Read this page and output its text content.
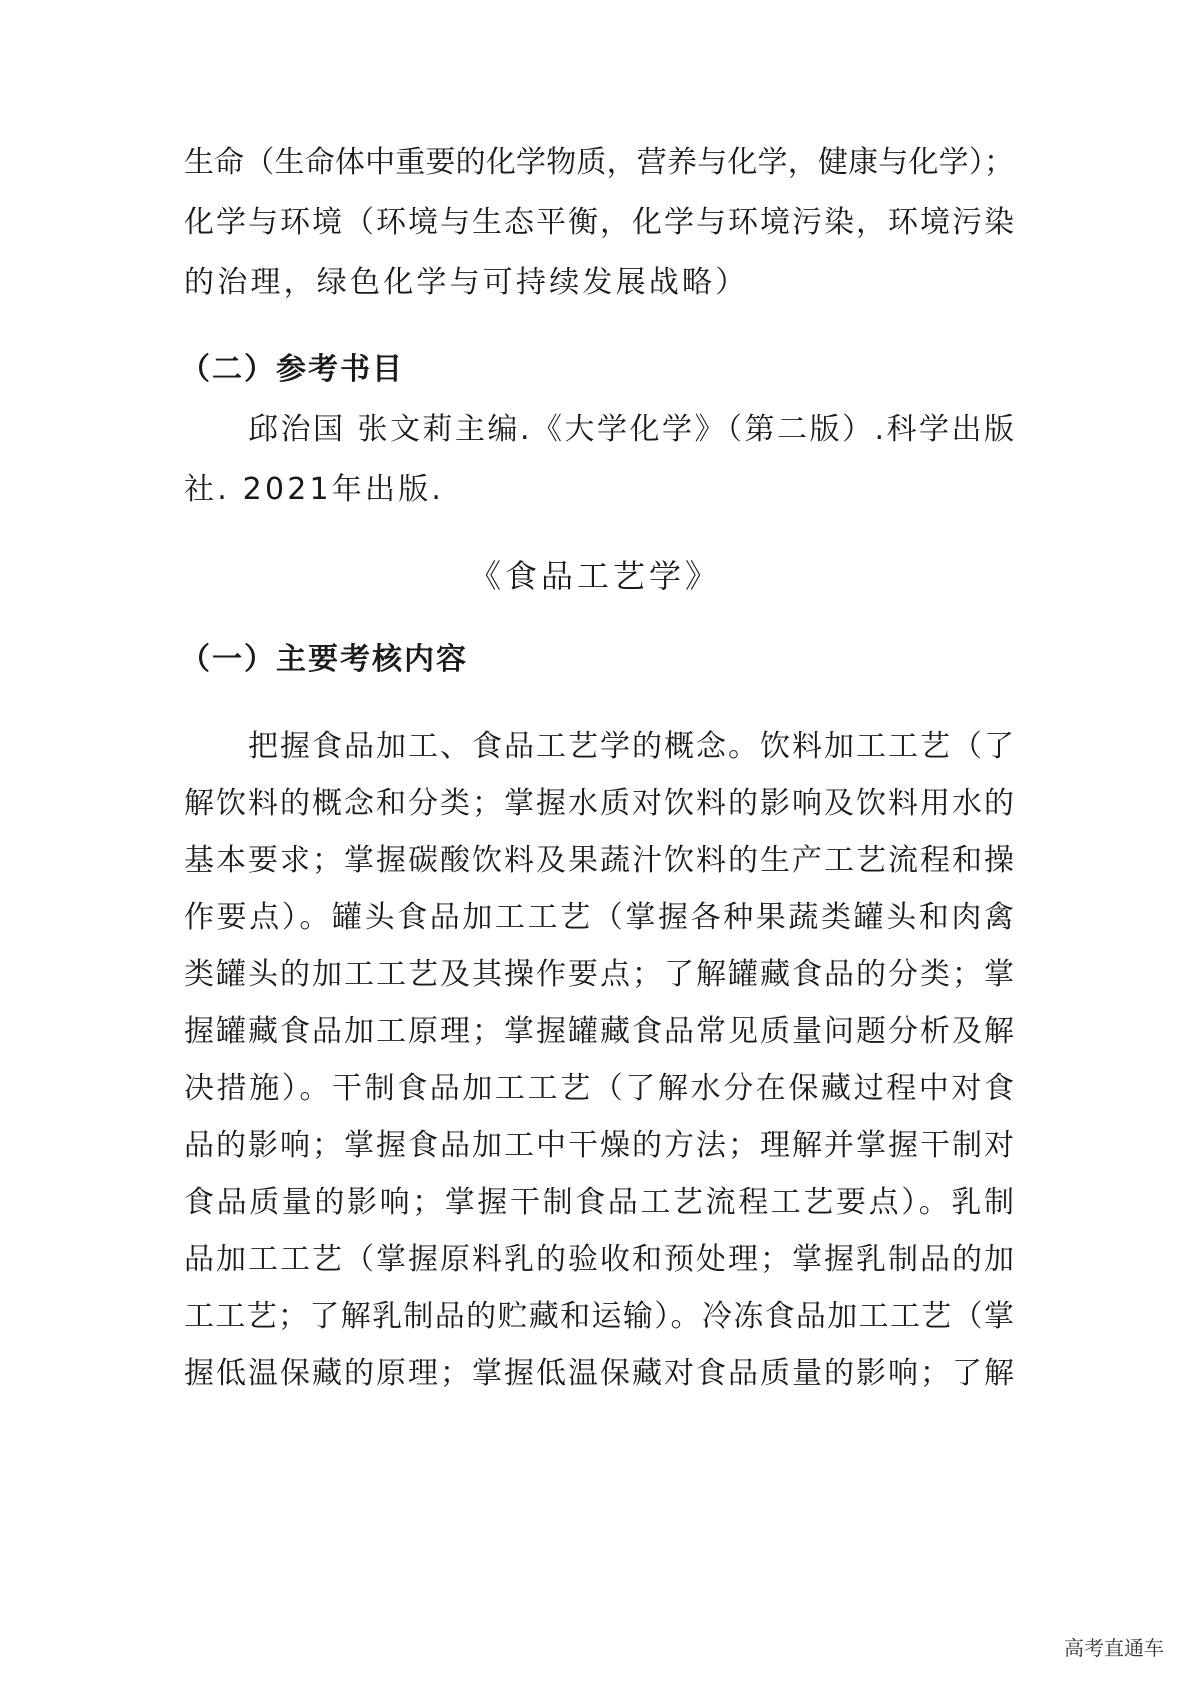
生命（生命体中重要的化学物质，营养与化学，健康与化学）；
化学与环境（环境与生态平衡，化学与环境污染，环境污染
的治理，绿色化学与可持续发展战略）
（二）参考书目
邱治国 张文莉主编.《大学化学》（第二版）.科学出版
社. 2021年出版.
《食品工艺学》
（一）主要考核内容
把握食品加工、食品工艺学的概念。饮料加工工艺（了
解饮料的概念和分类；掌握水质对饮料的影响及饮料用水的
基本要求；掌握碳酸饮料及果蔬汁饮料的生产工艺流程和操
作要点）。罐头食品加工工艺（掌握各种果蔬类罐头和肉禽
类罐头的加工工艺及其操作要点；了解罐藏食品的分类；掌
握罐藏食品加工原理；掌握罐藏食品常见质量问题分析及解
决措施）。干制食品加工工艺（了解水分在保藏过程中对食
品的影响；掌握食品加工中干燥的方法；理解并掌握干制对
食品质量的影响；掌握干制食品工艺流程工艺要点）。乳制
品加工工艺（掌握原料乳的验收和预处理；掌握乳制品的加
工工艺；了解乳制品的贮藏和运输）。冷冻食品加工工艺（掌
握低温保藏的原理；掌握低温保藏对食品质量的影响；了解
高考直通车
